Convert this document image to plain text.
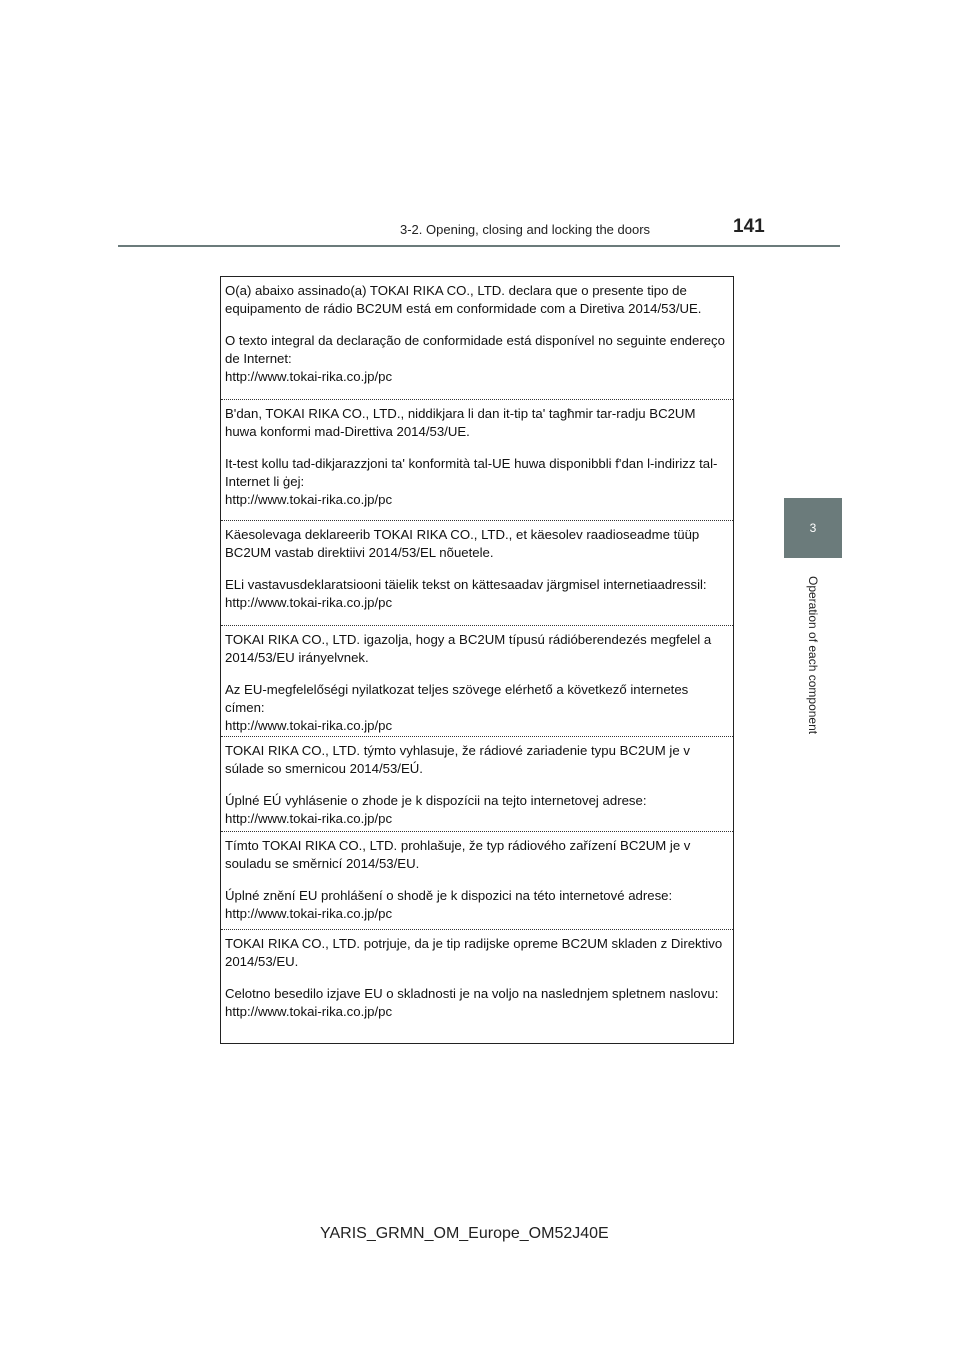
3-2. Opening, closing and locking the doors	141
3
Operation of each component

O(a) abaixo assinado(a) TOKAI RIKA CO., LTD. declara que o presente tipo de equipamento de rádio BC2UM está em conformidade com a Diretiva 2014/53/UE.

O texto integral da declaração de conformidade está disponível no seguinte endereço de Internet:

http://www.tokai-rika.co.jp/pc

B'dan, TOKAI RIKA CO., LTD., niddikjara li dan it-tip ta' tagħmir tar-radju BC2UM huwa konformi mad-Direttiva 2014/53/UE.

It-test kollu tad-dikjarazzjoni ta' konformità tal-UE huwa disponibbli f'dan l-indirizz tal-Internet li ġej:

http://www.tokai-rika.co.jp/pc

Käesolevaga deklareerib TOKAI RIKA CO., LTD., et käesolev raadioseadme tüüp BC2UM vastab direktiivi 2014/53/EL nõuetele.

ELi vastavusdeklaratsiooni täielik tekst on kättesaadav järgmisel internetiaadressil:

http://www.tokai-rika.co.jp/pc

TOKAI RIKA CO., LTD. igazolja, hogy a BC2UM típusú rádióberendezés megfelel a 2014/53/EU irányelvnek.

Az EU-megfelelőségi nyilatkozat teljes szövege elérhető a következő internetes címen:

http://www.tokai-rika.co.jp/pc

TOKAI RIKA CO., LTD. týmto vyhlasuje, že rádiové zariadenie typu BC2UM je v súlade so smernicou 2014/53/EÚ.

Úplné EÚ vyhlásenie o zhode je k dispozícii na tejto internetovej adrese:

http://www.tokai-rika.co.jp/pc

Tímto TOKAI RIKA CO., LTD. prohlašuje, že typ rádiového zařízení BC2UM je v souladu se směrnicí 2014/53/EU.

Úplné znění EU prohlášení o shodě je k dispozici na této internetové adrese:

http://www.tokai-rika.co.jp/pc

TOKAI RIKA CO., LTD. potrjuje, da je tip radijske opreme BC2UM skladen z Direktivo 2014/53/EU.

Celotno besedilo izjave EU o skladnosti je na voljo na naslednjem spletnem naslovu:

http://www.tokai-rika.co.jp/pc

YARIS_GRMN_OM_Europe_OM52J40E
